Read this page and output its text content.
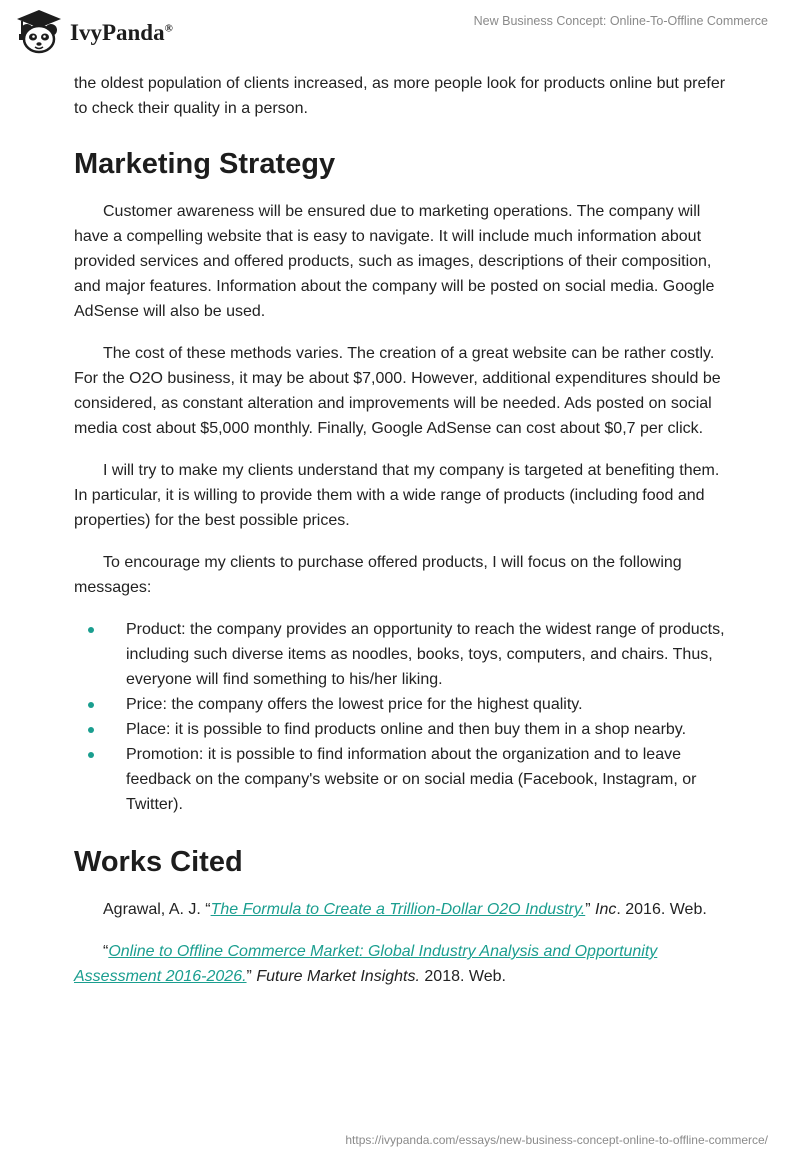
IvyPanda®
New Business Concept: Online-To-Offline Commerce

the oldest population of clients increased, as more people look for products online but prefer to check their quality in a person.

Marketing Strategy

Customer awareness will be ensured due to marketing operations. The company will have a compelling website that is easy to navigate. It will include much information about provided services and offered products, such as images, descriptions of their composition, and major features. Information about the company will be posted on social media. Google AdSense will also be used.

The cost of these methods varies. The creation of a great website can be rather costly. For the O2O business, it may be about $7,000. However, additional expenditures should be considered, as constant alteration and improvements will be needed. Ads posted on social media cost about $5,000 monthly. Finally, Google AdSense can cost about $0,7 per click.

I will try to make my clients understand that my company is targeted at benefiting them. In particular, it is willing to provide them with a wide range of products (including food and properties) for the best possible prices.

To encourage my clients to purchase offered products, I will focus on the following messages:

Product: the company provides an opportunity to reach the widest range of products, including such diverse items as noodles, books, toys, computers, and chairs. Thus, everyone will find something to his/her liking.
Price: the company offers the lowest price for the highest quality.
Place: it is possible to find products online and then buy them in a shop nearby.
Promotion: it is possible to find information about the organization and to leave feedback on the company's website or on social media (Facebook, Instagram, or Twitter).
Works Cited

Agrawal, A. J. “The Formula to Create a Trillion-Dollar O2O Industry.” Inc. 2016. Web.

“Online to Offline Commerce Market: Global Industry Analysis and Opportunity Assessment 2016-2026.” Future Market Insights. 2018. Web.

https://ivypanda.com/essays/new-business-concept-online-to-offline-commerce/
